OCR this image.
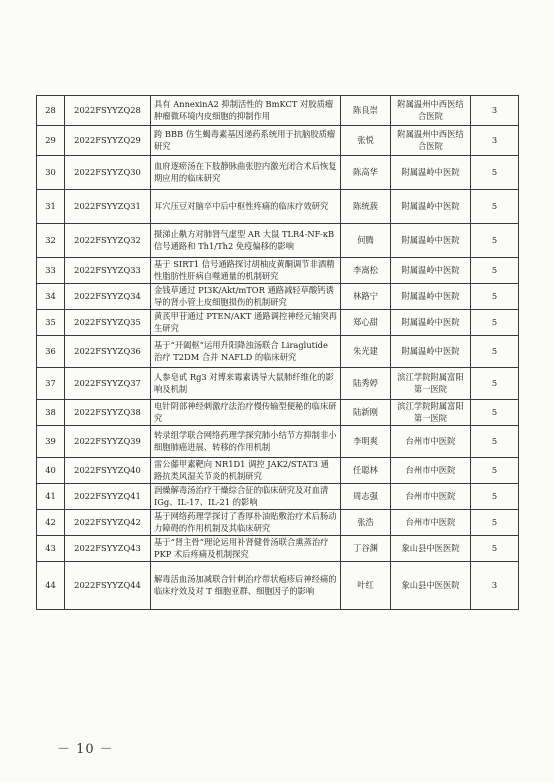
28	2022FSYYZQ28	具有 AnnexinA2 抑制活性的 BmKCT 对胶质瘤肿瘤微环境内皮细胞的抑制作用	陈良崇	附属温州中西医结合医院	3
29	2022FSYYZQ29	跨 BBB 仿生蝎毒素基因递药系统用于抗脑胶质瘤研究	张悦	附属温州中西医结合医院	3
30	2022FSYYZQ30	血府逐瘀汤在下肢静脉曲张腔内激光闭合术后恢复期应用的临床研究	陈高华	附属温岭中医院	5
31	2022FSYYZQ31	耳穴压豆对脑卒中后中枢性疼痛的临床疗效研究	陈统蔟	附属温岭中医院	5
32	2022FSYYZQ32	摄涕止鼽方对肺肾气虚型 AR 大鼠 TLR4-NF-κB 信号通路和 Th1/Th2 免疫偏移的影响	何腾	附属温岭中医院	5
33	2022FSYYZQ33	基于 SIRT1 信号通路探讨胡柚皮黄酮调节非酒精性脂肪性肝病自噬通量的机制研究	李嵩松	附属温岭中医院	5
34	2022FSYYZQ34	金钱草通过 PI3K/Akt/mTOR 通路减轻草酸钙诱导的肾小管上皮细胞损伤的机制研究	林路宁	附属温岭中医院	5
35	2022FSYYZQ35	黄芪甲苷通过 PTEN/AKT 通路调控神经元轴突再生研究	郑心甜	附属温岭中医院	5
36	2022FSYYZQ36	基于“开阖枢”运用升阳降浊汤联合 Liraglutide 治疗 T2DM 合并 NAFLD 的临床研究	朱光建	附属温岭中医院	5
37	2022FSYYZQ37	人参皂甙 Rg3 对博来霉素诱导大鼠肺纤维化的影响及机制	陆秀婷	滨江学院附属富阳第一医院	5
38	2022FSYYZQ38	电针阴部神经刺激疗法治疗慢传输型便秘的临床研究	陆新刚	滨江学院附属富阳第一医院	5
39	2022FSYYZQ39	转录组学联合网络药理学探究肺小结节方抑制非小细胞肺癌进展、转移的作用机制	李明爽	台州市中医院	5
40	2022FSYYZQ40	雷公藤甲素靶向 NR1D1 调控 JAK2/STAT3 通路抗类风湿关节炎的机制研究	任聪林	台州市中医院	5
41	2022FSYYZQ41	润燥解毒汤治疗干燥综合征的临床研究及对血清 IGg、IL-17、IL-21 的影响	周志强	台州市中医院	5
42	2022FSYYZQ42	基于网络药理学探讨了香厚朴油贴敷治疗术后肠动力障碍的作用机制及其临床研究	张浩	台州市中医院	5
43	2022FSYYZQ43	基于“肾主骨”理论运用补肾健骨汤联合熏蒸治疗 PKP 术后疼痛及机制探究	丁谷渊	象山县中医医院	5
44	2022FSYYZQ44	解毒活血汤加减联合针刺治疗带状疱疹后神经痛的临床疗效及对 T 细胞亚群、细胞因子的影响	叶红	象山县中医医院	3
－ 10 －
